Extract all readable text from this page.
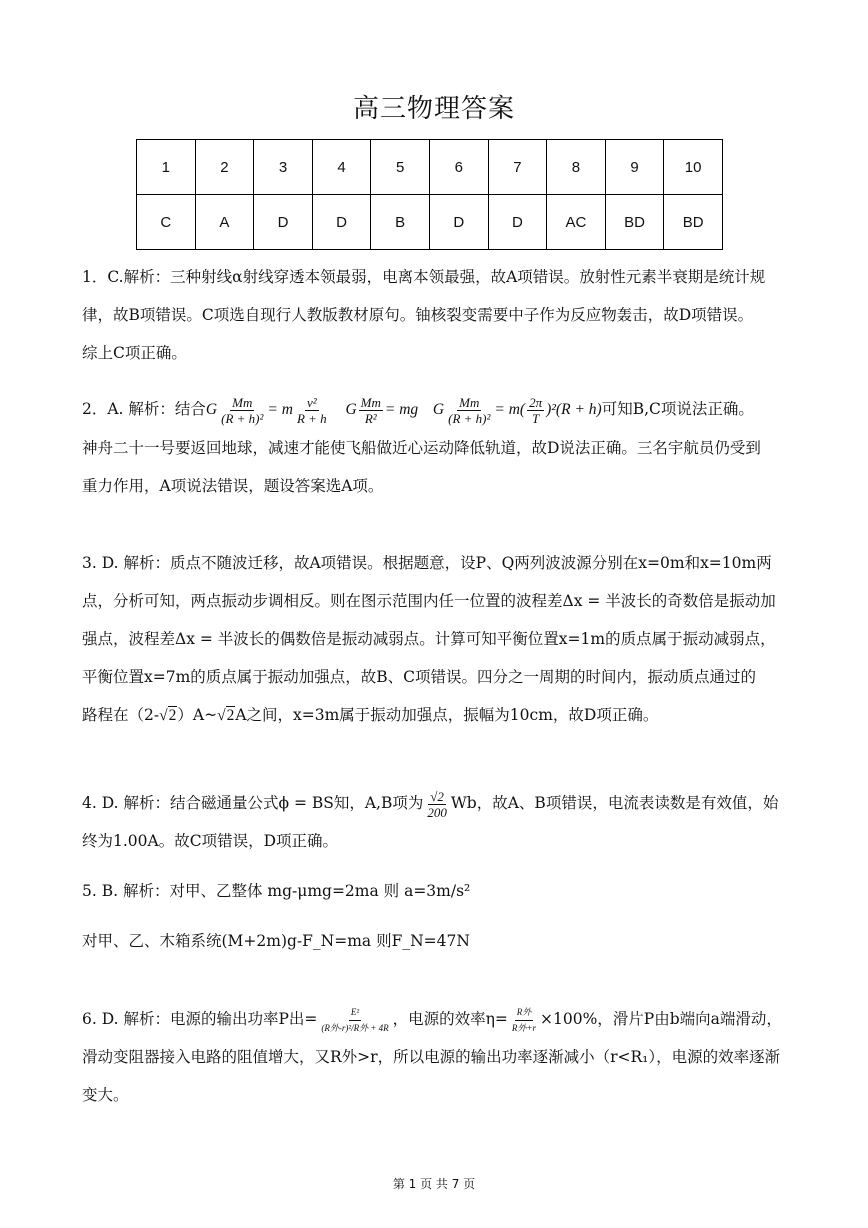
高三物理答案
1	2	3	4	5	6	7	8	9	10
C	A	D	D	B	D	D	AC	BD	BD

1．C.解析：三种射线α射线穿透本领最弱，电离本领最强，故A项错误。放射性元素半衰期是统计规

律，故B项错误。C项选自现行人教版教材原句。铀核裂变需要中子作为反应物轰击，故D项错误。

综上C项正确。

2．A. 解析：结合G $\frac{Mm}{\text{(R + h)²}} = m \frac{\text{v²}}{R + h}$ G $\frac{Mm}{\text{R²}}$ = mg G $\frac{Mm}{\text{(R + h)²}} = m( \frac{2\pi}{T} )^2(R + h)$可知B,C项说法正确。

神舟二十一号要返回地球，减速才能使飞船做近心运动降低轨道，故D说法正确。三名宇航员仍受到

重力作用，A项说法错误，题设答案选A项。

3. D. 解析：质点不随波迁移，故A项错误。根据题意，设P、Q两列波波源分别在x=0m和x=10m两

点，分析可知，两点振动步调相反。则在图示范围内任一位置的波程差Δx = 半波长的奇数倍是振动加

强点，波程差Δx = 半波长的偶数倍是振动减弱点。计算可知平衡位置x=1m的质点属于振动减弱点，

平衡位置x=7m的质点属于振动加强点，故B、C项错误。四分之一周期的时间内，振动质点通过的

路程在（2-√2）A~√2A之间，x=3m属于振动加强点，振幅为10cm，故D项正确。

4. D. 解析：结合磁通量公式ϕ = BS知，A,B项为 $\frac{√2}{200}$ Wb，故A、B项错误，电流表读数是有效值，始

终为1.00A。故C项错误，D项正确。

5. B. 解析：对甲、乙整体 mg-μmg=2ma 则 a=3m/s²

对甲、乙、木箱系统(M+2m)g-F_N=ma 则F_N=47N

6. D. 解析：电源的输出功率P出= $\frac{\text{E²}}{\text{(R外-r)²/R外 + 4R}}$ ，电源的效率$\eta= \frac{\text{R外}}{\text{R外+r}} \times 100\%$，滑片P由b端向a端滑动，

滑动变阻器接入电路的阻值增大，又R外>r，所以电源的输出功率逐渐减小（r<R₁），电源的效率逐渐

变大。

第 1 页 共 7 页
